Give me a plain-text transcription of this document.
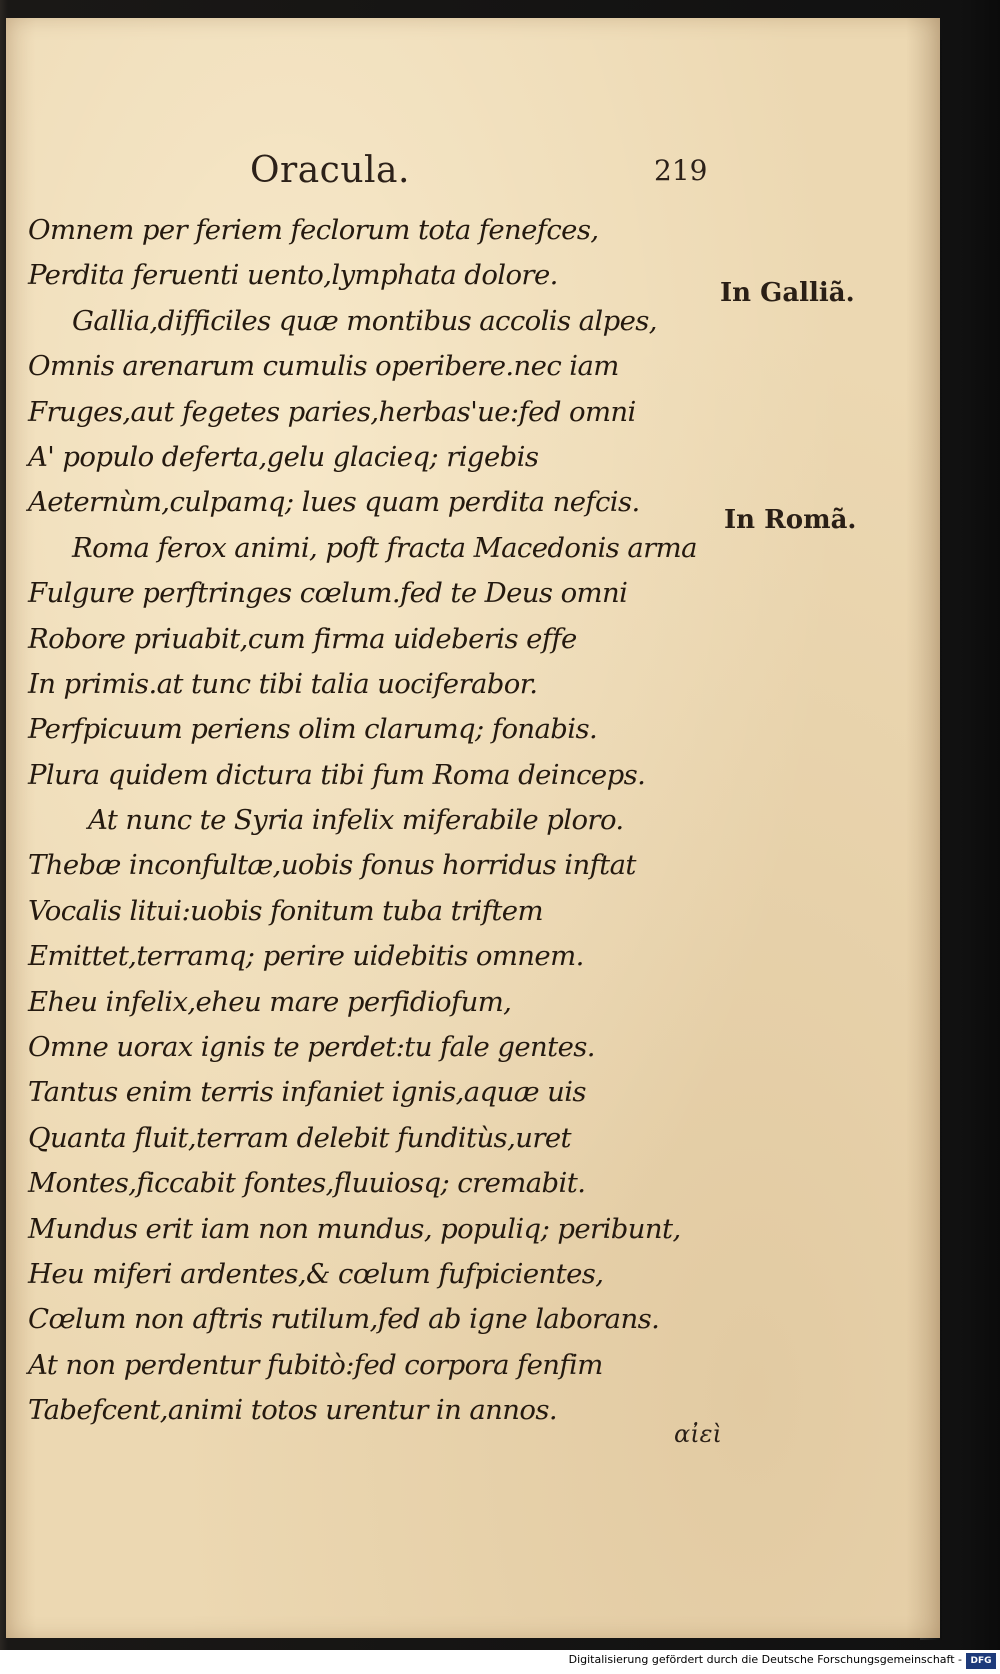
Oracula.	219
Omnem per feriem feclorum tota fenefces,
Perdita feruenti uento,lymphata dolore.
Gallia,difficiles quæ montibus accolis alpes,
Omnis arenarum cumulis operibere.nec iam
Fruges,aut fegetes paries,herbas'ue:fed omni
A' populo deferta,gelu glacieq; rigebis
Aeternùm,culpamq; lues quam perdita nefcis.
Roma ferox animi, poft fracta Macedonis arma
Fulgure perftringes cœlum.fed te Deus omni
Robore priuabit,cum firma uideberis effe
In primis.at tunc tibi talia uociferabor.
Perfpicuum periens olim clarumq; fonabis.
Plura quidem dictura tibi fum Roma deinceps.
At nunc te Syria infelix miferabile ploro.
Thebæ inconfultæ,uobis fonus horridus inftat
Vocalis litui:uobis fonitum tuba triftem
Emittet,terramq; perire uidebitis omnem.
Eheu infelix,eheu mare perfidiofum,
Omne uorax ignis te perdet:tu fale gentes.
Tantus enim terris infaniet ignis,aquæ uis
Quanta fluit,terram delebit funditùs,uret
Montes,ficcabit fontes,fluuiosq; cremabit.
Mundus erit iam non mundus, populiq; peribunt,
Heu miferi ardentes,& cœlum fufpicientes,
Cœlum non aftris rutilum,fed ab igne laborans.
At non perdentur fubitò:fed corpora fenfim
Tabefcent,animi totos urentur in annos.
In Galliã.
In Romã.
αἰεὶ
Digitalisierung gefördert durch die Deutsche Forschungsgemeinschaft - DFG
